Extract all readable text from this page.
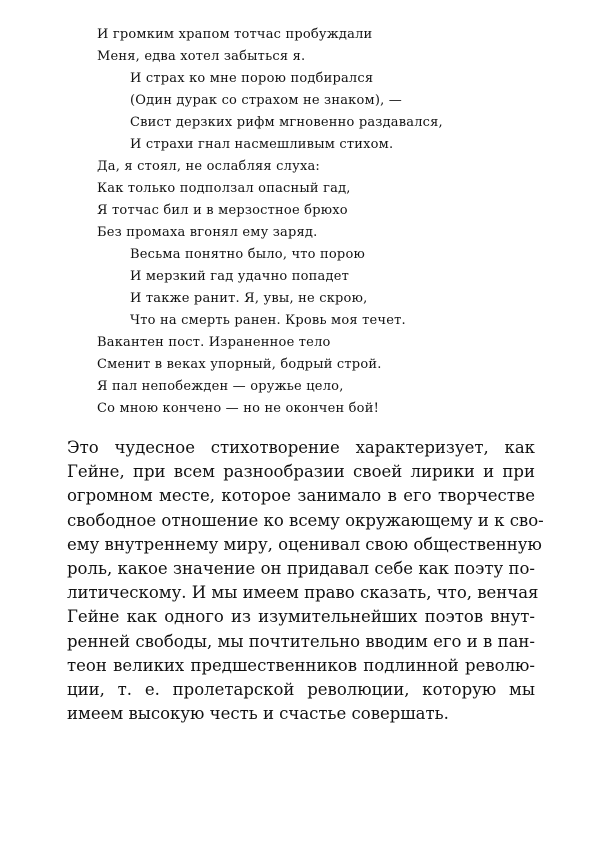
И громким храпом тотчас пробуждали
Меня, едва хотел забыться я.
И страх ко мне порою подбирался
(Один дурак со страхом не знаком), —
Свист дерзких рифм мгновенно раздавался,
И страхи гнал насмешливым стихом.
Да, я стоял, не ослабляя слуха:
Как только подползал опасный гад,
Я тотчас бил и в мерзостное брюхо
Без промаха вгонял ему заряд.
Весьма понятно было, что порою
И мерзкий гад удачно попадет
И также ранит. Я, увы, не скрою,
Что на смерть ранен. Кровь моя течет.
Вакантен пост. Израненное тело
Сменит в веках упорный, бодрый строй.
Я пал непобежден — оружье цело,
Со мною кончено — но не окончен бой!

Это чудесное стихотворение характеризует, как
Гейне, при всем разнообразии своей лирики и при
огромном месте, которое занимало в его творчестве
свободное отношение ко всему окружающему и к сво-
ему внутреннему миру, оценивал свою общественную
роль, какое значение он придавал себе как поэту по-
литическому. И мы имеем право сказать, что, венчая
Гейне как одного из изумительнейших поэтов внут-
ренней свободы, мы почтительно вводим его и в пан-
теон великих предшественников подлинной револю-
ции, т. е. пролетарской революции, которую мы
имеем высокую честь и счастье совершать.
